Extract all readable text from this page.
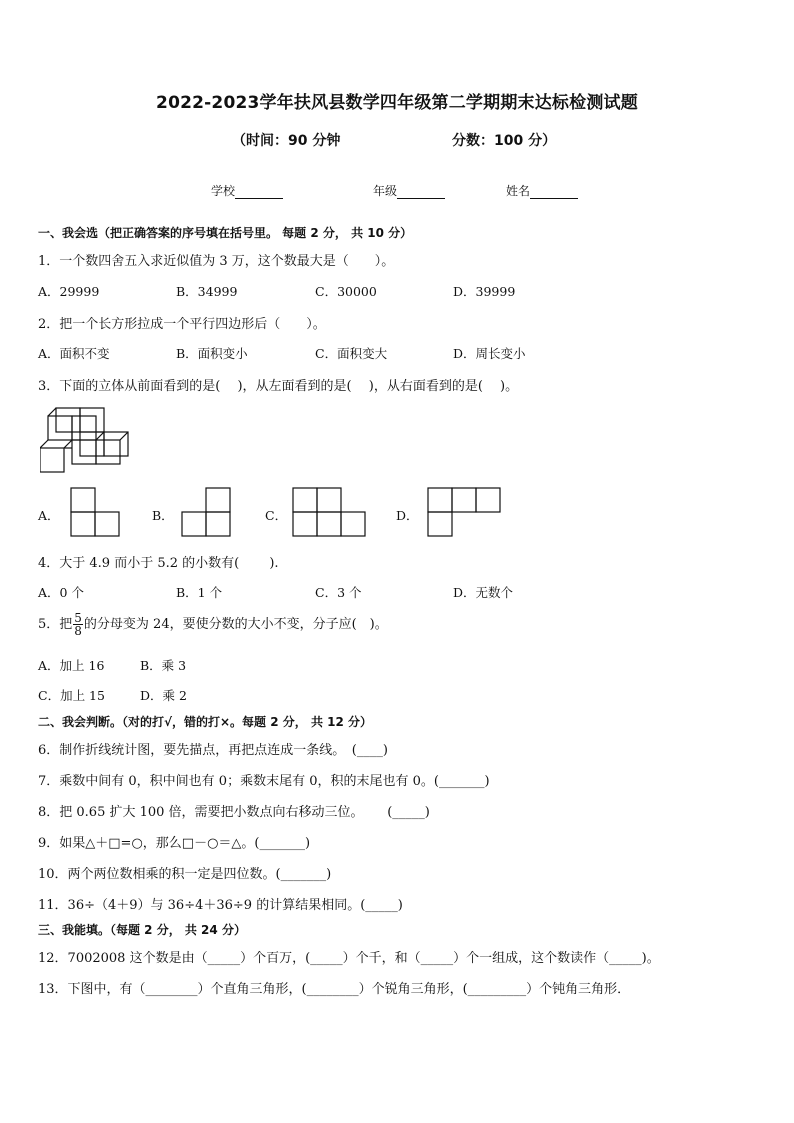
2022-2023学年扶风县数学四年级第二学期期末达标检测试题
（时间：90 分钟	分数：100 分）
学校	年级	姓名
一、我会选（把正确答案的序号填在括号里。 每题 2 分， 共 10 分）
1．一个数四舍五入求近似值为 3 万，这个数最大是（　　）。
A．29999	B．34999	C．30000	D．39999
2．把一个长方形拉成一个平行四边形后（　　）。
A．面积不变	B．面积变小	C．面积变大	D．周长变小
3．下面的立体从前面看到的是(　 )，从左面看到的是(　 )，从右面看到的是(　 )。
A．	B．	C．	D．
4．大于 4.9 而小于 5.2 的小数有(　　 ).
A．0 个	B．1 个	C．3 个	D．无数个
5．把 $\frac{5}{8}$ 的分母变为 24，要使分数的大小不变，分子应(　)。
A．加上 16	B．乘 3
C．加上 15	D．乘 2
二、我会判断。（对的打√，错的打×。每题 2 分， 共 12 分）
6．制作折线统计图，要先描点，再把点连成一条线。　(____)
7．乘数中间有 0，积中间也有 0；乘数末尾有 0，积的末尾也有 0。(_______)
8．把 0.65 扩大 100 倍，需要把小数点向右移动三位。　　 (_____)
9．如果△＋□=○，那么□－○＝△。(_______)
10．两个两位数相乘的积一定是四位数。(_______)
11．36÷（4＋9）与 36÷4＋36÷9 的计算结果相同。(_____)
三、我能填。（每题 2 分， 共 24 分）
12．7002008 这个数是由（_____）个百万，(_____）个千，和（_____）个一组成，这个数读作（_____)。
13．下图中，有（________）个直角三角形，(________）个锐角三角形，(_________）个钝角三角形．
